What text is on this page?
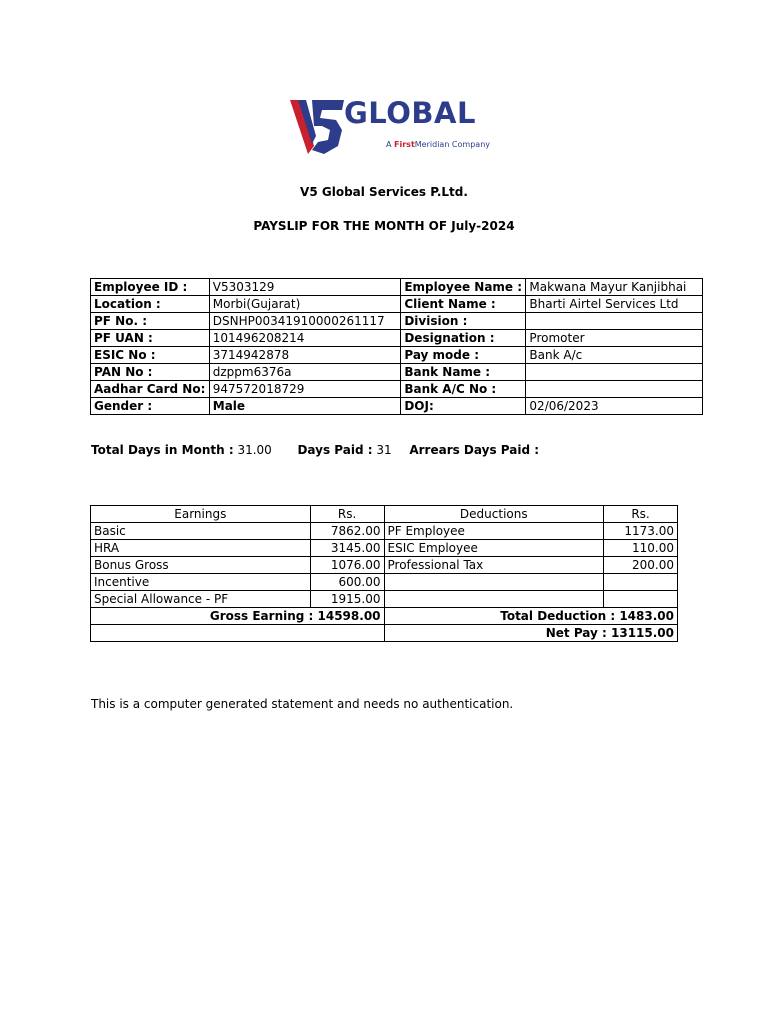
GLOBAL
A FirstMeridian Company
V5 Global Services P.Ltd.
PAYSLIP FOR THE MONTH OF July-2024
Employee ID :	V5303129	Employee Name :	Makwana Mayur Kanjibhai
Location :	Morbi(Gujarat)	Client Name :	Bharti Airtel Services Ltd
PF No. :	DSNHP00341910000261117	Division :	
PF UAN :	101496208214	Designation :	Promoter
ESIC No :	3714942878	Pay mode :	Bank A/c
PAN No :	dzppm6376a	Bank Name :	
Aadhar Card No:	947572018729	Bank A/C No :	
Gender :	Male	DOJ:	02/06/2023
Total Days in Month : 31.00 Days Paid : 31 Arrears Days Paid :
Earnings	Rs.	Deductions	Rs.
Basic	7862.00	PF Employee	1173.00
HRA	3145.00	ESIC Employee	110.00
Bonus Gross	1076.00	Professional Tax	200.00
Incentive	600.00		
Special Allowance - PF	1915.00		
Gross Earning : 14598.00		Total Deduction : 1483.00	
		Net Pay : 13115.00	
This is a computer generated statement and needs no authentication.
